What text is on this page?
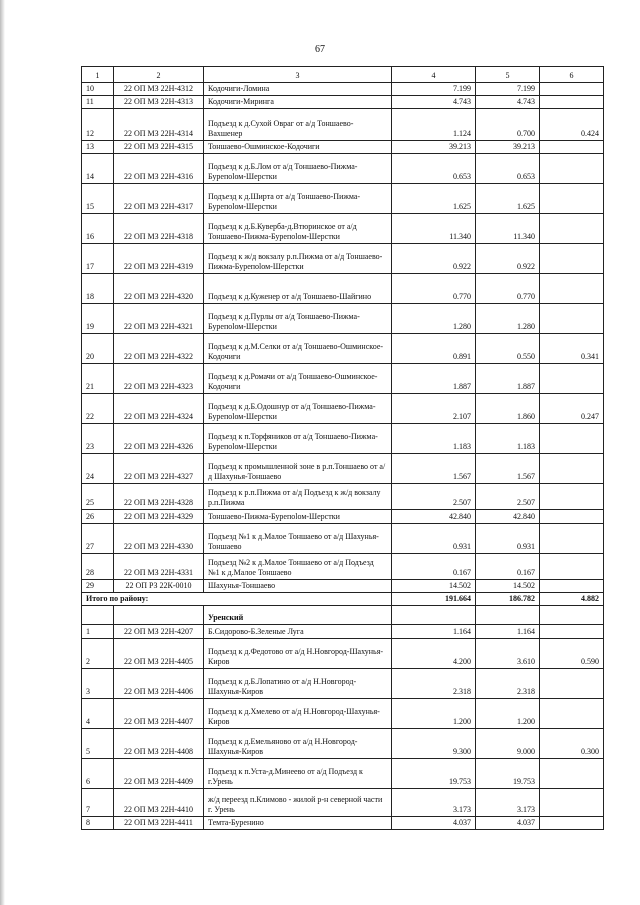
67
1	2	3	4	5	6
10	22 ОП МЗ 22Н-4312	Кодочиги-Ломина	7.199	7.199	
11	22 ОП МЗ 22Н-4313	Кодочиги-Миринга	4.743	4.743	
12	22 ОП МЗ 22Н-4314	Подъезд к д.Сухой Овраг от а/д Тоншаево-Вахшенер	1.124	0.700	0.424
13	22 ОП МЗ 22Н-4315	Тоншаево-Ошминское-Кодочиги	39.213	39.213	
14	22 ОП МЗ 22Н-4316	Подъезд к д.Б.Лом от а/д Тоншаево-Пижма-Бурепolом-Шерстки	0.653	0.653	
15	22 ОП МЗ 22Н-4317	Подъезд к д.Ширта от а/д Тоншаево-Пижма-Бурепolом-Шерстки	1.625	1.625	
16	22 ОП МЗ 22Н-4318	Подъезд к д.Б.Куверба-д.Втюринское от а/д Тоншаево-Пижма-Бурепolом-Шерстки	11.340	11.340	
17	22 ОП МЗ 22Н-4319	Подъезд к ж/д вокзалу р.п.Пижма от а/д Тоншаево-Пижма-Бурепolом-Шерстки	0.922	0.922	
18	22 ОП МЗ 22Н-4320	Подъезд к д.Куженер от а/д Тоншаево-Шайгино	0.770	0.770	
19	22 ОП МЗ 22Н-4321	Подъезд к д.Пурлы от а/д Тоншаево-Пижма-Бурепolом-Шерстки	1.280	1.280	
20	22 ОП МЗ 22Н-4322	Подъезд к д.М.Селки от а/д Тоншаево-Ошминское-Кодочиги	0.891	0.550	0.341
21	22 ОП МЗ 22Н-4323	Подъезд к д.Ромачи от а/д Тоншаево-Ошминское-Кодочиги	1.887	1.887	
22	22 ОП МЗ 22Н-4324	Подъезд к д.Б.Одошнур от а/д Тоншаево-Пижма-Бурепolом-Шерстки	2.107	1.860	0.247
23	22 ОП МЗ 22Н-4326	Подъезд к п.Торфяников от а/д Тоншаево-Пижма-Бурепolом-Шерстки	1.183	1.183	
24	22 ОП МЗ 22Н-4327	Подъезд к промышленной зоне в р.п.Тоншаево от а/д Шахунья-Тоншаево	1.567	1.567	
25	22 ОП МЗ 22Н-4328	Подъезд к р.п.Пижма от а/д Подъезд к ж/д вокзалу р.п.Пижма	2.507	2.507	
26	22 ОП МЗ 22Н-4329	Тоншаево-Пижма-Бурепolом-Шерстки	42.840	42.840	
27	22 ОП МЗ 22Н-4330	Подъезд №1 к д.Малое Тоншаево от а/д Шахунья-Тоншаево	0.931	0.931	
28	22 ОП МЗ 22Н-4331	Подъезд №2 к д.Малое Тоншаево от а/д Подъезд №1 к д.Малое Тоншаево	0.167	0.167	
29	22 ОП РЗ 22К-0010	Шахунья-Тоншаево	14.502	14.502	
Итого по району:			191.664	186.782	4.882
		Уренский			
1	22 ОП МЗ 22Н-4207	Б.Сидорово-Б.Зеленые Луга	1.164	1.164	
2	22 ОП МЗ 22Н-4405	Подъезд к д.Федотово от а/д Н.Новгород-Шахунья-Киров	4.200	3.610	0.590
3	22 ОП МЗ 22Н-4406	Подъезд к д.Б.Лопатино от а/д Н.Новгород-Шахунья-Киров	2.318	2.318	
4	22 ОП МЗ 22Н-4407	Подъезд к д.Хмелево от а/д Н.Новгород-Шахунья-Киров	1.200	1.200	
5	22 ОП МЗ 22Н-4408	Подъезд к д.Емельяново от а/д Н.Новгород-Шахунья-Киров	9.300	9.000	0.300
6	22 ОП МЗ 22Н-4409	Подъезд к п.Уста-д.Минеево от а/д Подъезд к г.Урень	19.753	19.753	
7	22 ОП МЗ 22Н-4410	ж/д переезд п.Климово - жилой р-н северной части г. Урень	3.173	3.173	
8	22 ОП МЗ 22Н-4411	Темта-Буренино	4.037	4.037	
